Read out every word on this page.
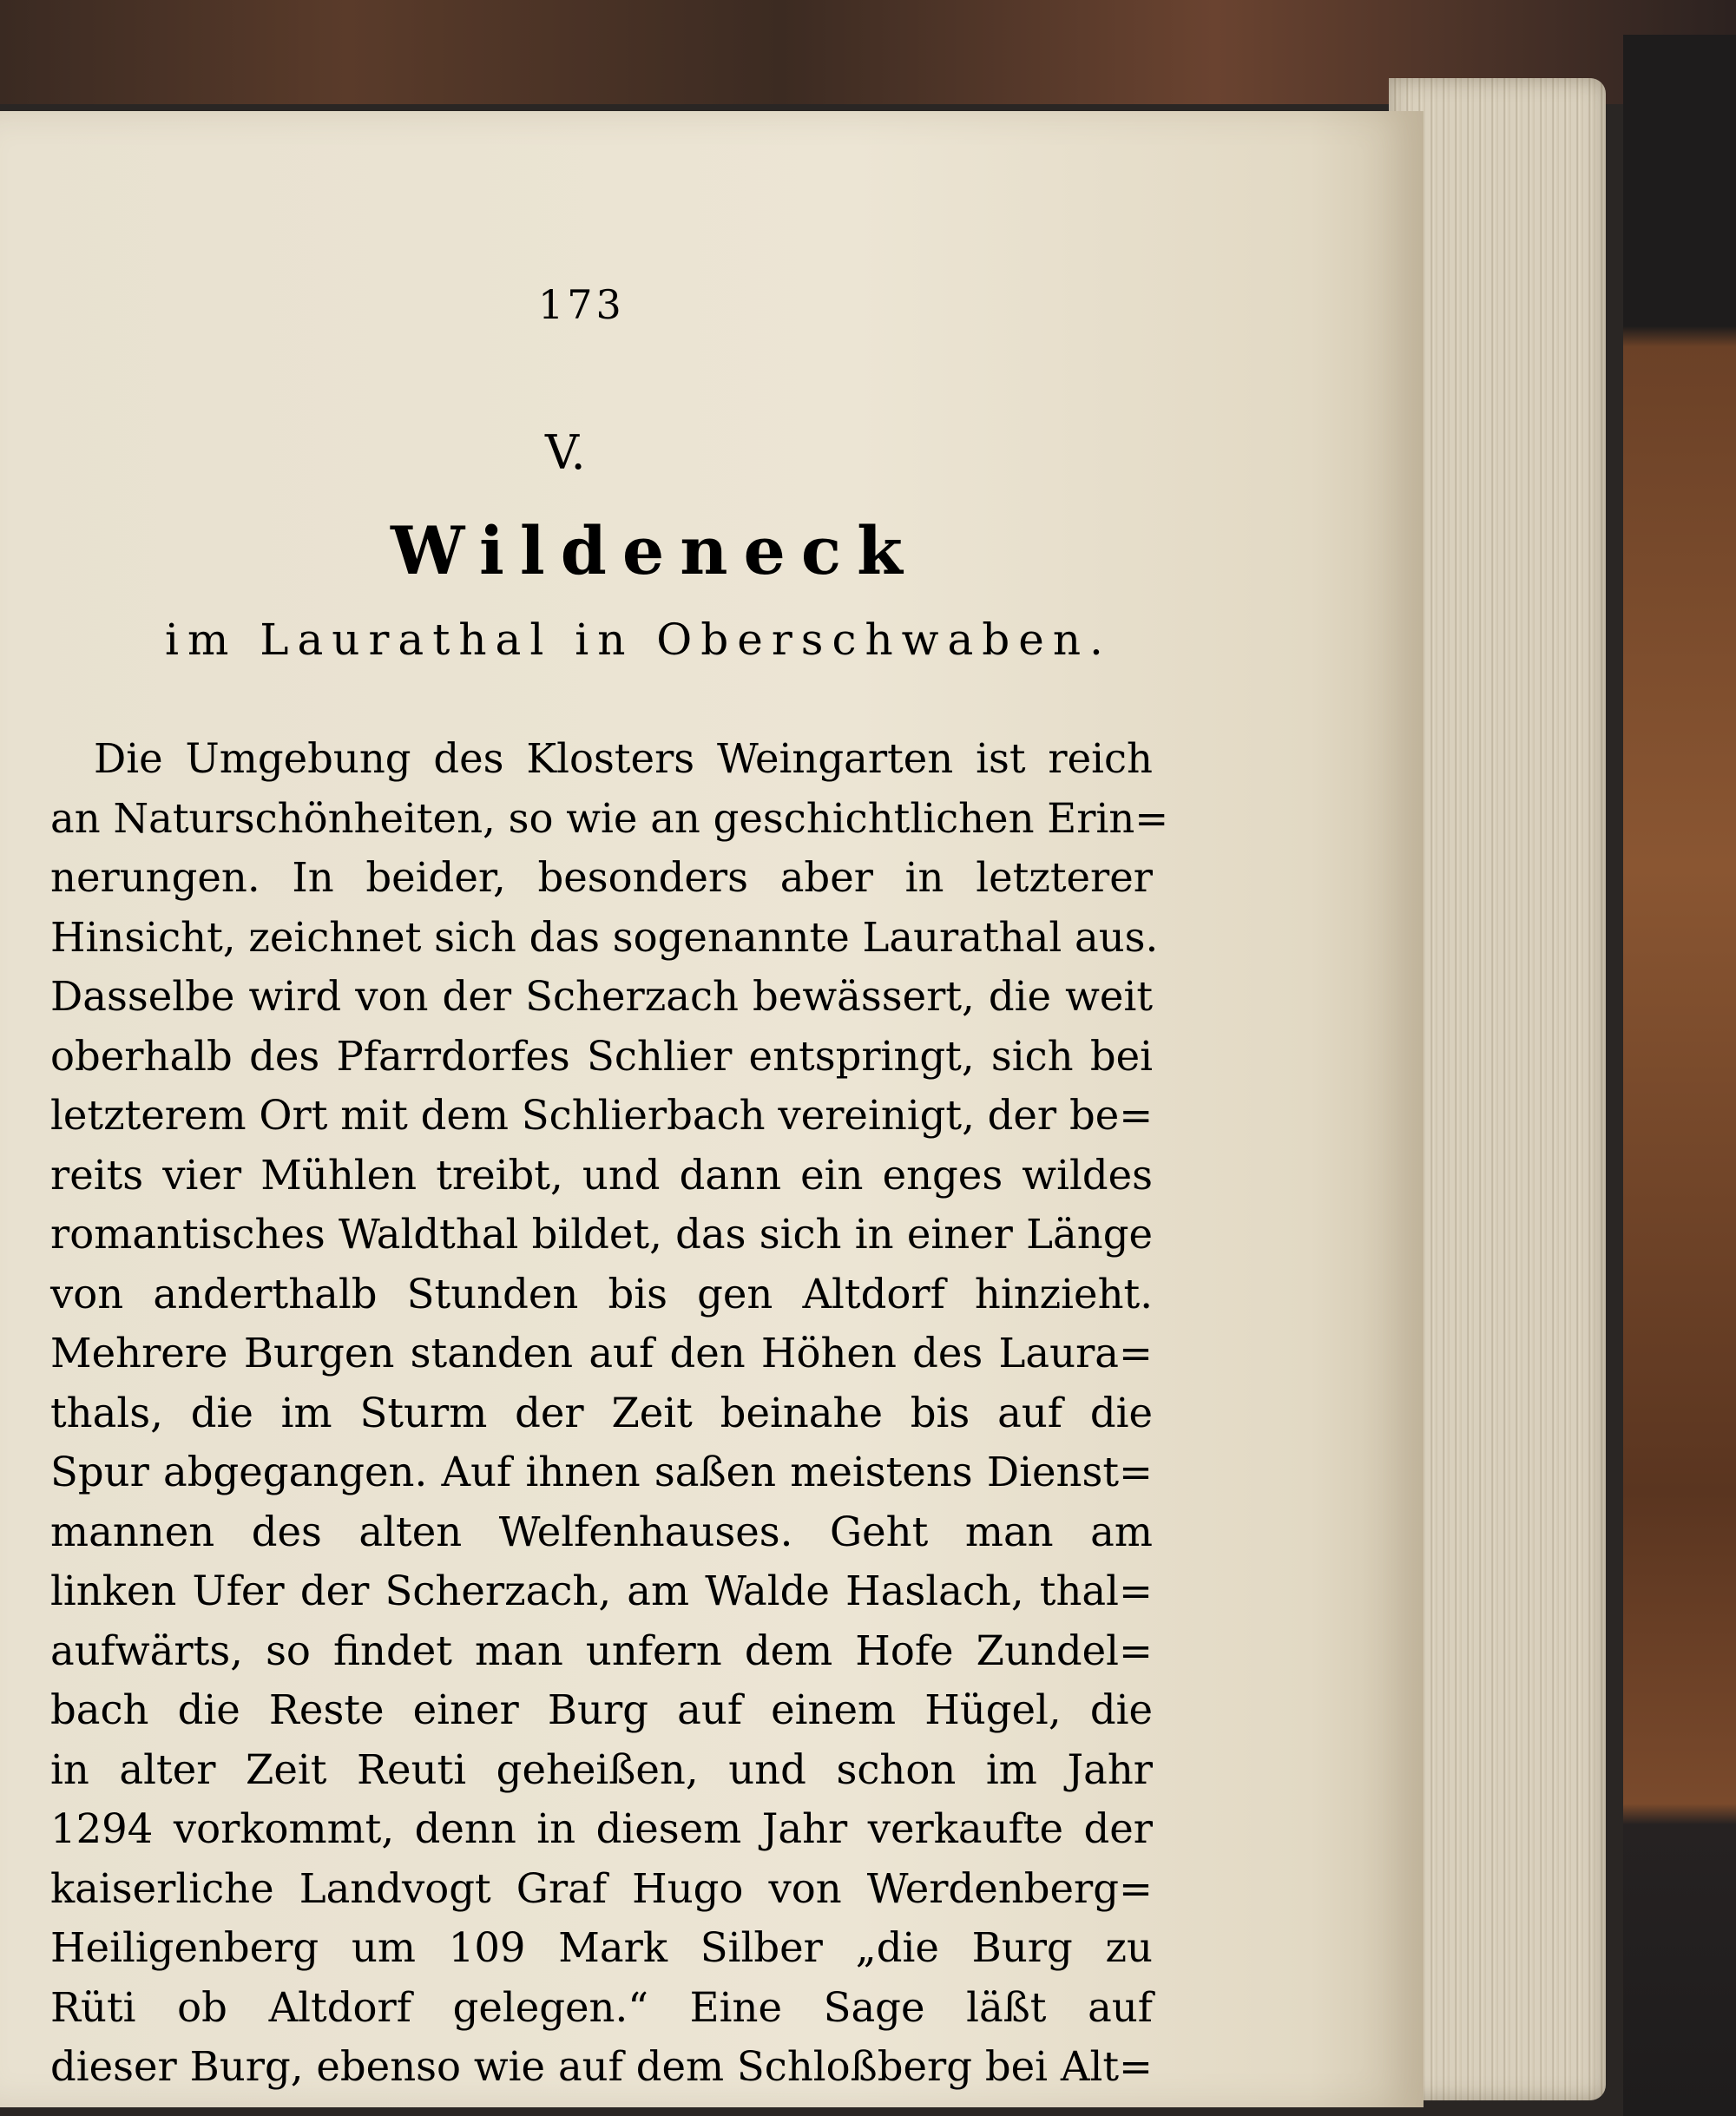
173
V.
Wildeneck
im Laurathal in Oberschwaben.
Die Umgebung des Klosters Weingarten ist reich
an Naturschönheiten, so wie an geschichtlichen Erin=
nerungen. In beider, besonders aber in letzterer
Hinsicht, zeichnet sich das sogenannte Laurathal aus.
Dasselbe wird von der Scherzach bewässert, die weit
oberhalb des Pfarrdorfes Schlier entspringt, sich bei
letzterem Ort mit dem Schlierbach vereinigt, der be=
reits vier Mühlen treibt, und dann ein enges wildes
romantisches Waldthal bildet, das sich in einer Länge
von anderthalb Stunden bis gen Altdorf hinzieht.
Mehrere Burgen standen auf den Höhen des Laura=
thals, die im Sturm der Zeit beinahe bis auf die
Spur abgegangen. Auf ihnen saßen meistens Dienst=
mannen des alten Welfenhauses. Geht man am
linken Ufer der Scherzach, am Walde Haslach, thal=
aufwärts, so findet man unfern dem Hofe Zundel=
bach die Reste einer Burg auf einem Hügel, die
in alter Zeit Reuti geheißen, und schon im Jahr
1294 vorkommt, denn in diesem Jahr verkaufte der
kaiserliche Landvogt Graf Hugo von Werdenberg=
Heiligenberg um 109 Mark Silber „die Burg zu
Rüti ob Altdorf gelegen.“ Eine Sage läßt auf
dieser Burg, ebenso wie auf dem Schloßberg bei Alt=
